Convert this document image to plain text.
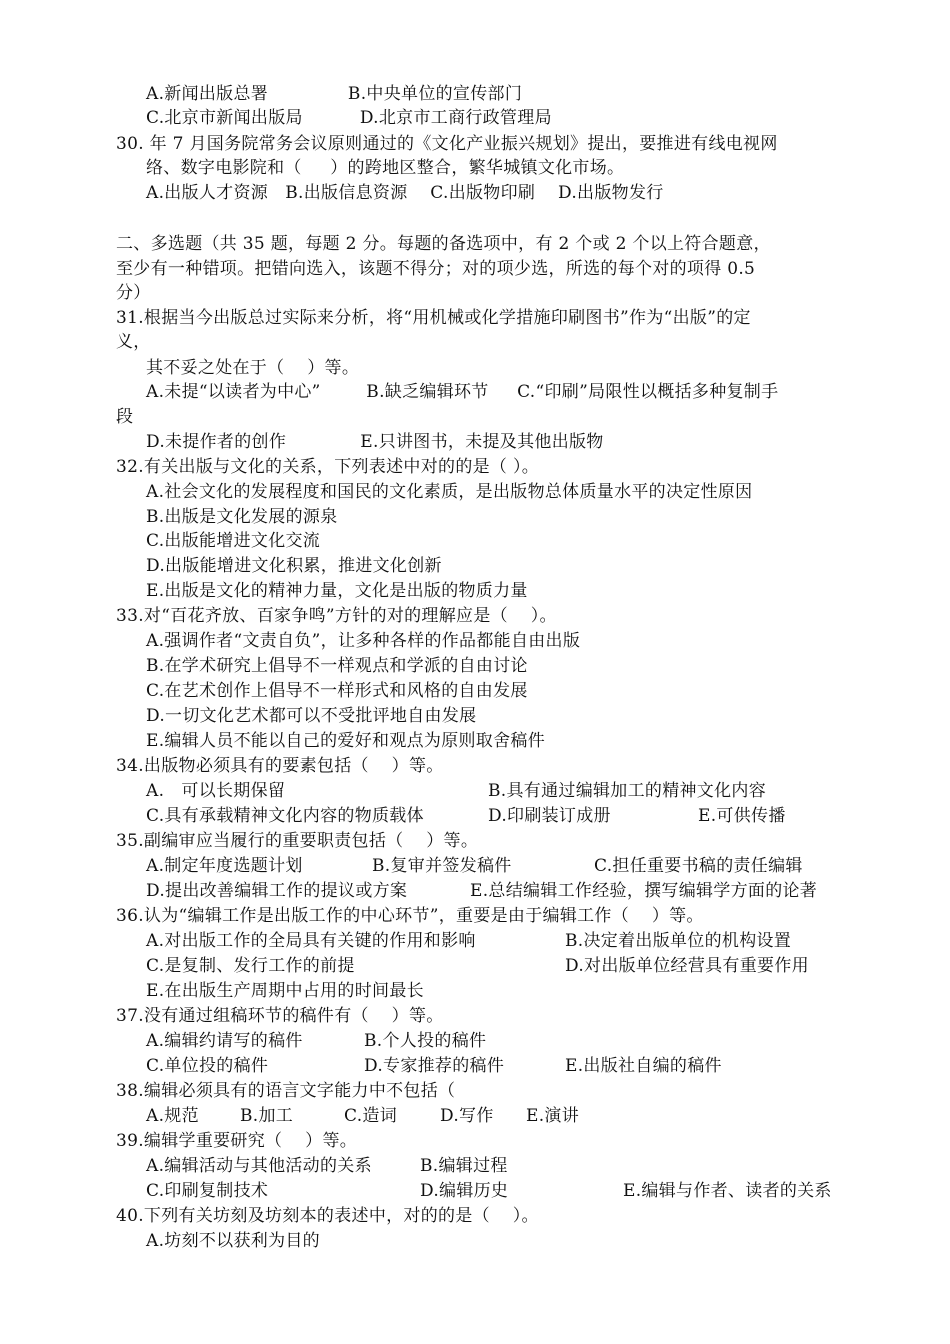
A.新闻出版总署              B.中央单位的宣传部门
C.北京市新闻出版局          D.北京市工商行政管理局
30. 年 7 月国务院常务会议原则通过的《文化产业振兴规划》提出，要推进有线电视网
络、数字电影院和（     ）的跨地区整合，繁华城镇文化市场。
A.出版人才资源   B.出版信息资源    C.出版物印刷    D.出版物发行
二、多选题（共 35 题，每题 2 分。每题的备选项中，有 2 个或 2 个以上符合题意，
至少有一种错项。把错向选入，该题不得分；对的项少选，所选的每个对的项得 0.5
分）
31.根据当今出版总过实际来分析，将“用机械或化学措施印刷图书”作为“出版”的定
义，
其不妥之处在于（    ）等。
A.未提“以读者为中心”        B.缺乏编辑环节     C.“印刷”局限性以概括多种复制手
段
D.未提作者的创作             E.只讲图书，未提及其他出版物
32.有关出版与文化的关系，下列表述中对的的是（ ）。
A.社会文化的发展程度和国民的文化素质，是出版物总体质量水平的决定性原因
B.出版是文化发展的源泉
C.出版能增进文化交流
D.出版能增进文化积累，推进文化创新
E.出版是文化的精神力量，文化是出版的物质力量
33.对“百花齐放、百家争鸣”方针的对的理解应是（    ）。
A.强调作者“文责自负”，让多种各样的作品都能自由出版
B.在学术研究上倡导不一样观点和学派的自由讨论
C.在艺术创作上倡导不一样形式和风格的自由发展
D.一切文化艺术都可以不受批评地自由发展
E.编辑人员不能以自己的爱好和观点为原则取舍稿件
34.出版物必须具有的要素包括（    ）等。
A.   可以长期保留	B.具有通过编辑加工的精神文化内容
C.具有承载精神文化内容的物质载体	D.印刷装订成册	E.可供传播
35.副编审应当履行的重要职责包括（    ）等。
A.制定年度选题计划	B.复审并签发稿件	C.担任重要书稿的责任编辑
D.提出改善编辑工作的提议或方案	E.总结编辑工作经验，撰写编辑学方面的论著
36.认为“编辑工作是出版工作的中心环节”，重要是由于编辑工作（    ）等。
A.对出版工作的全局具有关键的作用和影响	B.决定着出版单位的机构设置
C.是复制、发行工作的前提	D.对出版单位经营具有重要作用
E.在出版生产周期中占用的时间最长
37.没有通过组稿环节的稿件有（    ）等。
A.编辑约请写的稿件	B.个人投的稿件
C.单位投的稿件	D.专家推荐的稿件	E.出版社自编的稿件
38.编辑必须具有的语言文字能力中不包括（
A.规范 B.加工	C.造词	D.写作 E.演讲
39.编辑学重要研究（    ）等。
A.编辑活动与其他活动的关系	B.编辑过程
C.印刷复制技术	D.编辑历史	E.编辑与作者、读者的关系
40.下列有关坊刻及坊刻本的表述中，对的的是（    ）。
A.坊刻不以获利为目的
